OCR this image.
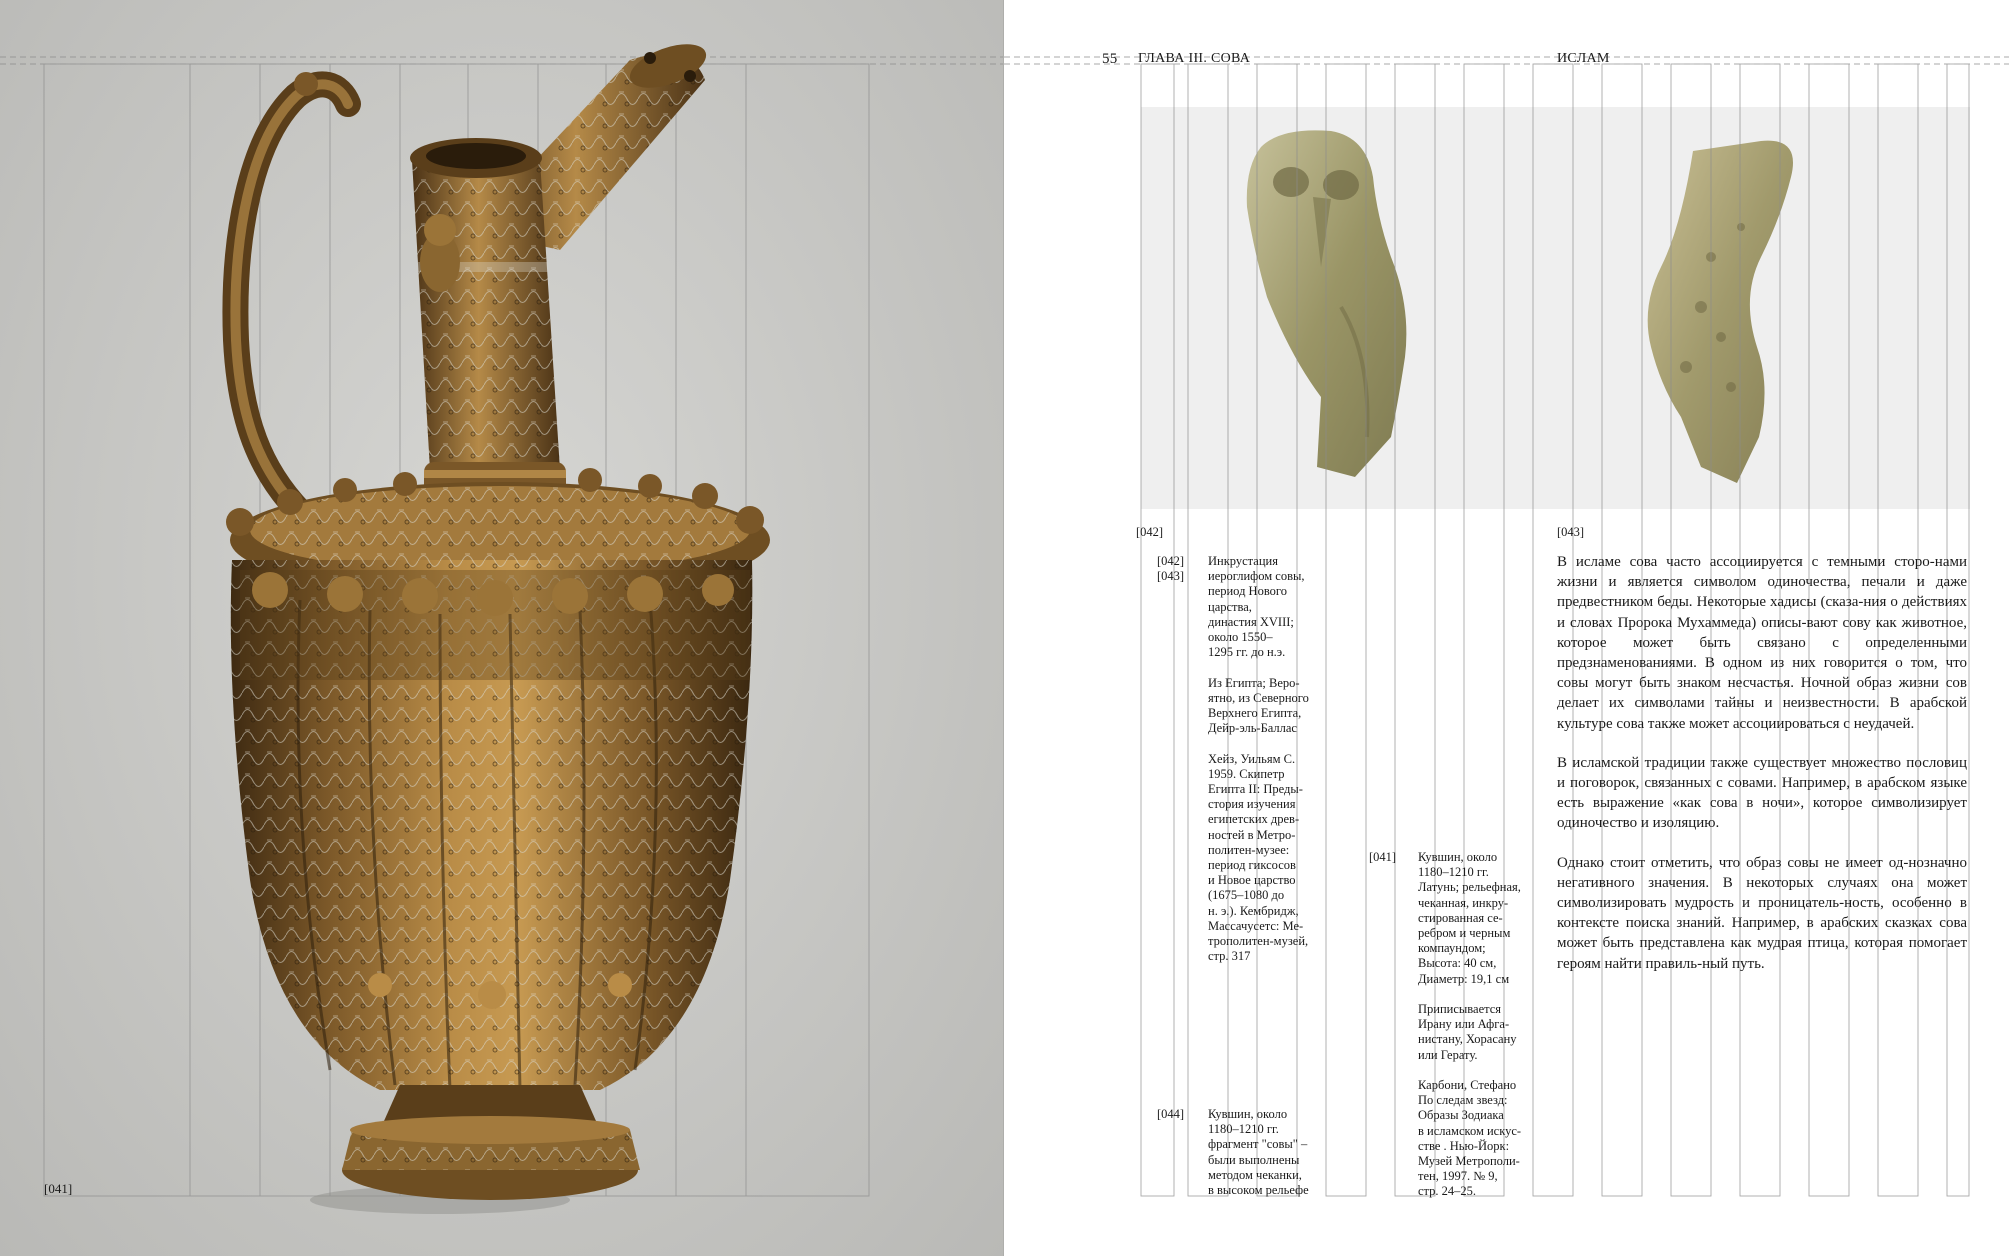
[041]
55 ГЛАВА III. СОВА	ИСЛАМ
[042]	[043]
[042]
[043]
Инкрустация
иероглифом совы,
период Нового
царства,
династия XVIII;
около 1550–
1295 гг. до н.э.

Из Египта; Веро-
ятно, из Северного
Верхнего Египта,
Дейр-эль-Баллас

Хейз, Уильям С.
1959. Скипетр
Египта II: Преды-
стория изучения
египетских древ-
ностей в Метро-
политен-музее:
период гиксосов
и Новое царство
(1675–1080 до
н. э.). Кембридж,
Массачусетс: Ме-
трополитен-музей,
стр. 317
[041] Кувшин, около
1180–1210 гг.
Латунь; рельефная,
чеканная, инкру-
стированная се-
ребром и черным
компаундом;
Высота: 40 см,
Диаметр: 19,1 см

Приписывается
Ирану или Афга-
нистану, Хорасану
или Герату.

Карбони, Стефано
По следам звезд:
Образы Зодиака
в исламском искус-
стве . Нью-Йорк:
Музей Метрополи-
тен, 1997. № 9,
стр. 24–25.
[044] Кувшин, около
1180–1210 гг.
фрагмент "совы" –
были выполнены
методом чеканки,
в высоком рельефе

В исламе сова часто ассоциируется с темными сторо-нами жизни и является символом одиночества, печали и даже предвестником беды. Некоторые хадисы (сказа-ния о действиях и словах Пророка Мухаммеда) описы-вают сову как животное, которое может быть связано с определенными предзнаменованиями. В одном из них говорится о том, что совы могут быть знаком несчастья. Ночной образ жизни сов делает их символами тайны и неизвестности. В арабской культуре сова также может ассоциироваться с неудачей.

В исламской традиции также существует множество пословиц и поговорок, связанных с совами. Например, в арабском языке есть выражение «как сова в ночи», которое символизирует одиночество и изоляцию.

Однако стоит отметить, что образ совы не имеет од-нозначно негативного значения. В некоторых случаях она может символизировать мудрость и проницатель-ность, особенно в контексте поиска знаний. Например, в арабских сказках сова может быть представлена как мудрая птица, которая помогает героям найти правиль-ный путь.
